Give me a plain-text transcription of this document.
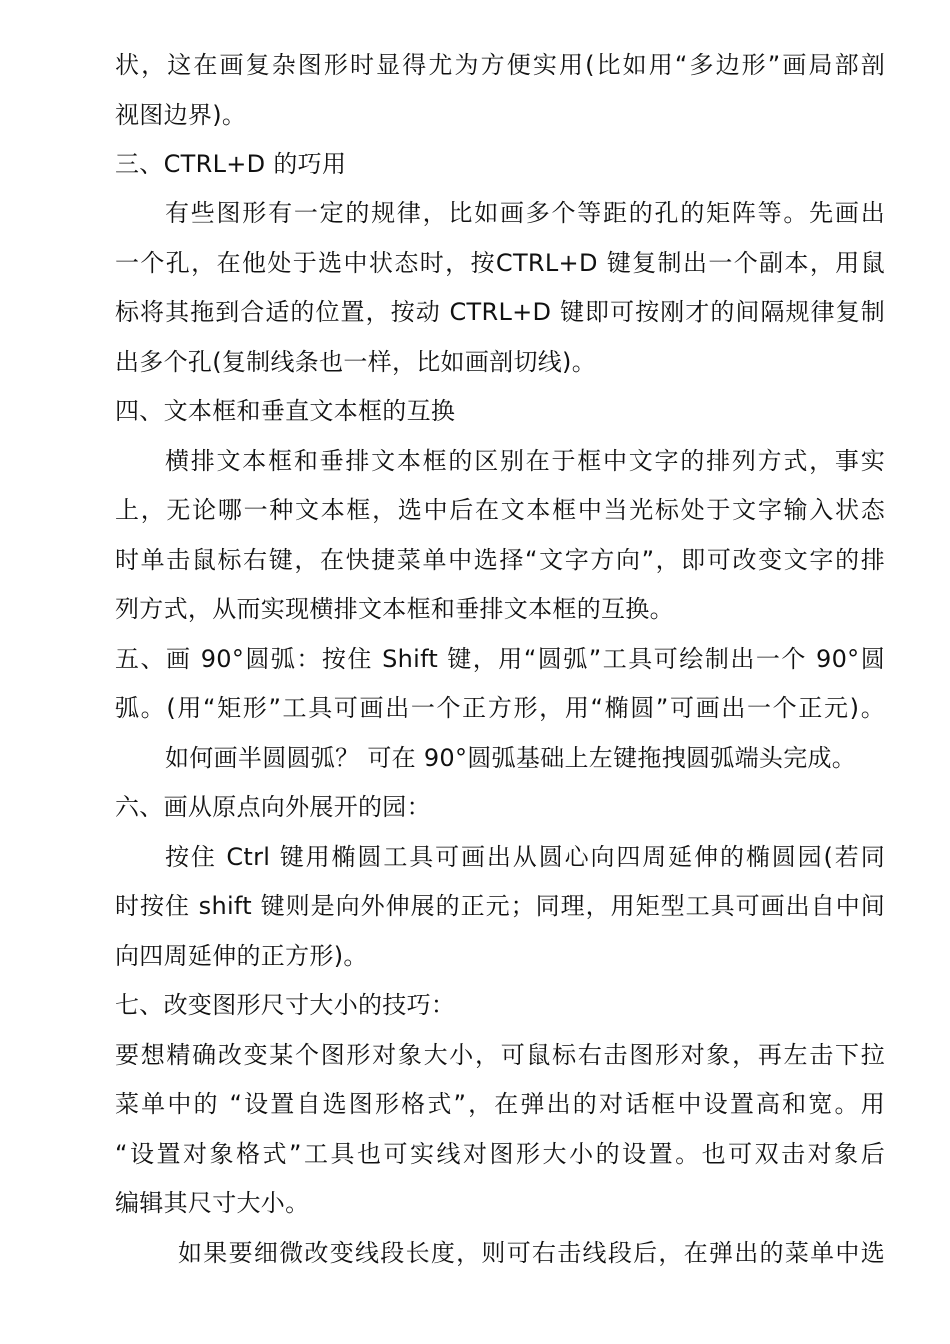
状，这在画复杂图形时显得尤为方便实用(比如用“多边形”画局部剖
视图边界)。
三、CTRL+D 的巧用
有些图形有一定的规律，比如画多个等距的孔的矩阵等。先画出
一个孔，在他处于选中状态时，按CTRL+D 键复制出一个副本，用鼠
标将其拖到合适的位置，按动 CTRL+D 键即可按刚才的间隔规律复制
出多个孔(复制线条也一样，比如画剖切线)。
四、文本框和垂直文本框的互换
横排文本框和垂排文本框的区别在于框中文字的排列方式，事实
上，无论哪一种文本框，选中后在文本框中当光标处于文字输入状态
时单击鼠标右键，在快捷菜单中选择“文字方向”，即可改变文字的排
列方式，从而实现横排文本框和垂排文本框的互换。
五、画 90°圆弧：按住 Shift 键，用“圆弧”工具可绘制出一个 90°圆
弧。(用“矩形”工具可画出一个正方形，用“椭圆”可画出一个正元)。
如何画半圆圆弧？ 可在 90°圆弧基础上左键拖拽圆弧端头完成。
六、画从原点向外展开的园：
按住 Ctrl 键用椭圆工具可画出从圆心向四周延伸的椭圆园(若同
时按住 shift 键则是向外伸展的正元；同理，用矩型工具可画出自中间
向四周延伸的正方形)。
七、改变图形尺寸大小的技巧：
要想精确改变某个图形对象大小，可鼠标右击图形对象，再左击下拉
菜单中的 “设置自选图形格式”，在弹出的对话框中设置高和宽。用
“设置对象格式”工具也可实线对图形大小的设置。也可双击对象后
编辑其尺寸大小。
如果要细微改变线段长度，则可右击线段后，在弹出的菜单中选
